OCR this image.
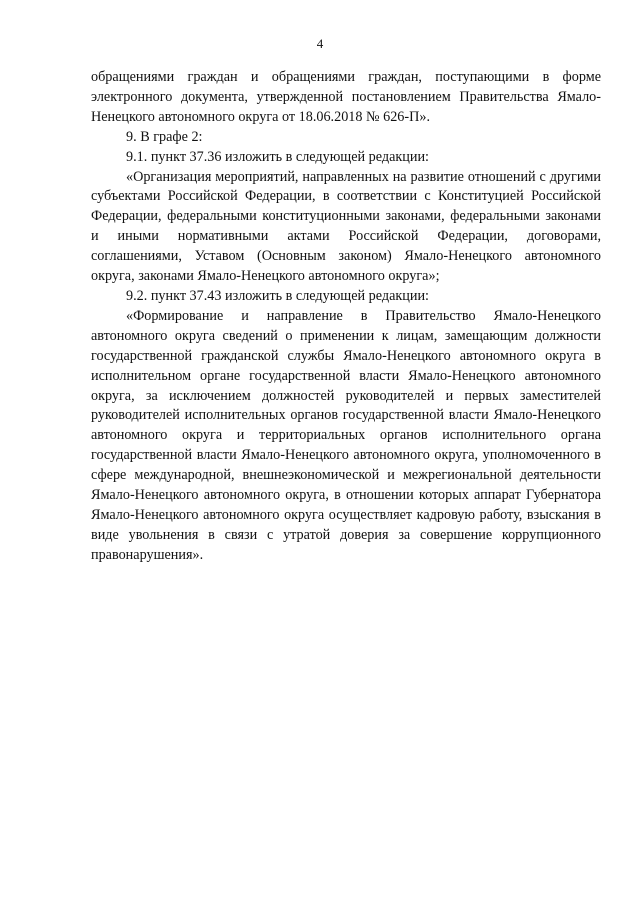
4

обращениями граждан и обращениями граждан, поступающими в форме электронного документа, утвержденной постановлением Правительства Ямало-Ненецкого автономного округа от 18.06.2018 № 626-П».

9. В графе 2:

9.1. пункт 37.36 изложить в следующей редакции:

«Организация мероприятий, направленных на развитие отношений с другими субъектами Российской Федерации, в соответствии с Конституцией Российской Федерации, федеральными конституционными законами, федеральными законами и иными нормативными актами Российской Федерации, договорами, соглашениями, Уставом (Основным законом) Ямало-Ненецкого автономного округа, законами Ямало-Ненецкого автономного округа»;

9.2. пункт 37.43 изложить в следующей редакции:

«Формирование и направление в Правительство Ямало-Ненецкого автономного округа сведений о применении к лицам, замещающим должности государственной гражданской службы Ямало-Ненецкого автономного округа в исполнительном органе государственной власти Ямало-Ненецкого автономного округа, за исключением должностей руководителей и первых заместителей руководителей исполнительных органов государственной власти Ямало-Ненецкого автономного округа и территориальных органов исполнительного органа государственной власти Ямало-Ненецкого автономного округа, уполномоченного в сфере международной, внешнеэкономической и межрегиональной деятельности Ямало-Ненецкого автономного округа, в отношении которых аппарат Губернатора Ямало-Ненецкого автономного округа осуществляет кадровую работу, взыскания в виде увольнения в связи с утратой доверия за совершение коррупционного правонарушения».
